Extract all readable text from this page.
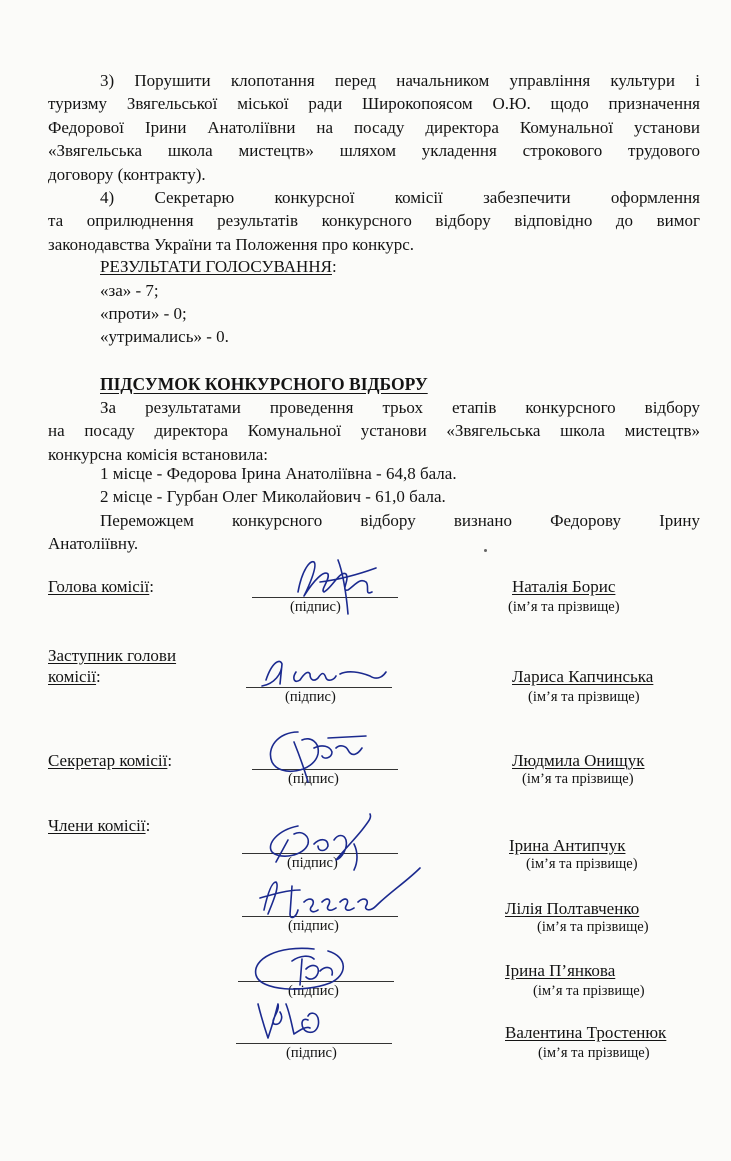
3) Порушити клопотання перед начальником управління культури і
туризму Звягельської міської ради Широкопоясом О.Ю. щодо призначення
Федорової Ірини Анатоліївни на посаду директора Комунальної установи
«Звягельська школа мистецтв» шляхом укладення строкового трудового
договору (контракту).
4) Секретарю конкурсної комісії забезпечити оформлення
та оприлюднення результатів конкурсного відбору відповідно до вимог
законодавства України та Положення про конкурс.
РЕЗУЛЬТАТИ ГОЛОСУВАННЯ:
«за» - 7;
«проти» - 0;
«утримались» - 0.
ПІДСУМОК КОНКУРСНОГО ВІДБОРУ
За результатами проведення трьох етапів конкурсного відбору
на посаду директора Комунальної установи «Звягельська школа мистецтв»
конкурсна комісія встановила:
1 місце - Федорова Ірина Анатоліївна - 64,8 бала.
2 місце - Гурбан Олег Миколайович - 61,0 бала.
Переможцем конкурсного відбору визнано Федорову Ірину
Анатоліївну.
Голова комісії:
(підпис)
Наталія Борис
(ім’я та прізвище)
Заступник голови
комісії:
(підпис)
Лариса Капчинська
(ім’я та прізвище)
Секретар комісії:
(підпис)
Людмила Онищук
(ім’я та прізвище)
Члени комісії:
(підпис)
Ірина Антипчук
(ім’я та прізвище)
(підпис)
Лілія Полтавченко
(ім’я та прізвище)
(підпис)
Ірина П’янкова
(ім’я та прізвище)
(підпис)
Валентина Тростенюк
(ім’я та прізвище)
